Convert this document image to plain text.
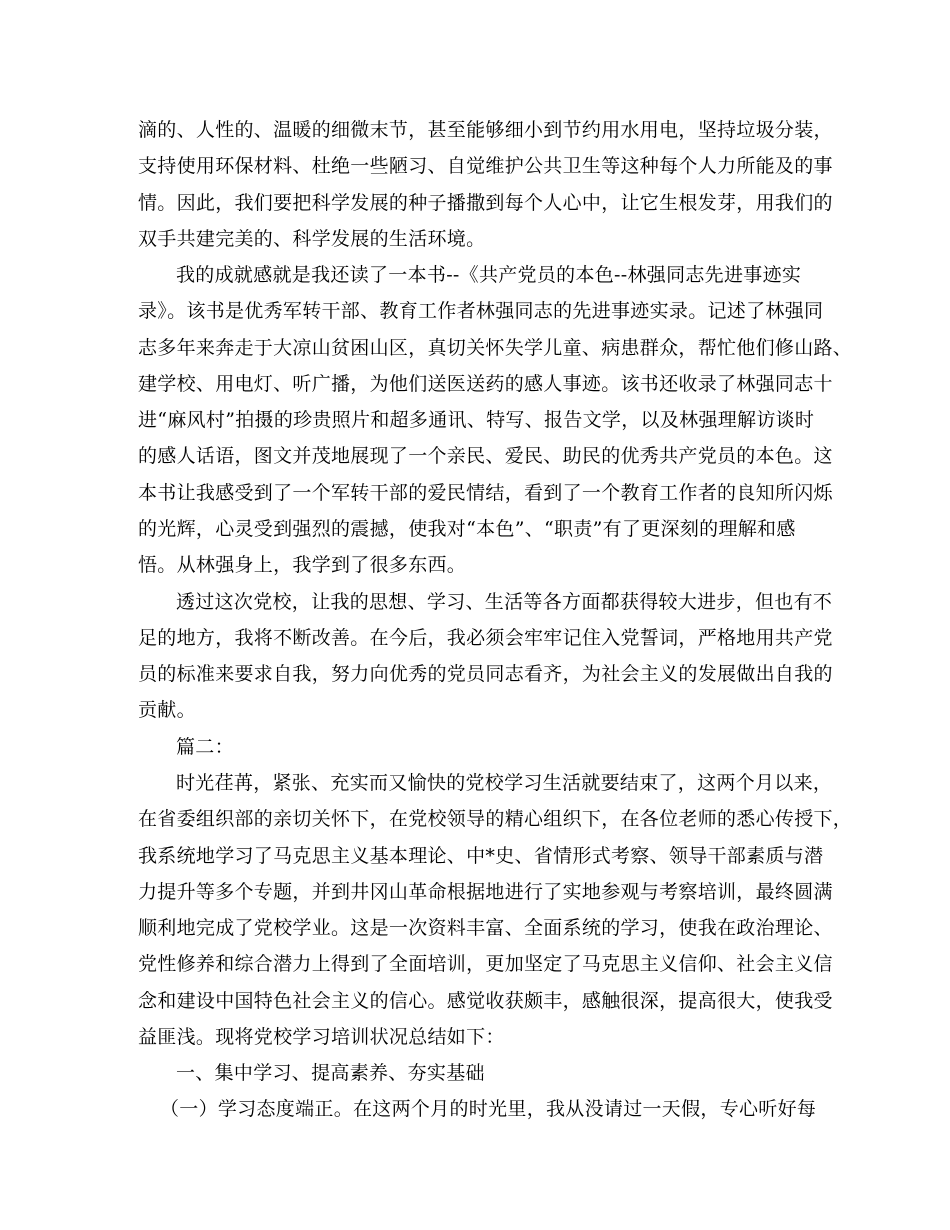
滴的、人性的、温暖的细微末节，甚至能够细小到节约用水用电，坚持垃圾分装，
支持使用环保材料、杜绝一些陋习、自觉维护公共卫生等这种每个人力所能及的事
情。因此，我们要把科学发展的种子播撒到每个人心中，让它生根发芽，用我们的
双手共建完美的、科学发展的生活环境。
我的成就感就是我还读了一本书--《共产党员的本色--林强同志先进事迹实
录》。该书是优秀军转干部、教育工作者林强同志的先进事迹实录。记述了林强同
志多年来奔走于大凉山贫困山区，真切关怀失学儿童、病患群众，帮忙他们修山路、
建学校、用电灯、听广播，为他们送医送药的感人事迹。该书还收录了林强同志十
进“麻风村”拍摄的珍贵照片和超多通讯、特写、报告文学，以及林强理解访谈时
的感人话语，图文并茂地展现了一个亲民、爱民、助民的优秀共产党员的本色。这
本书让我感受到了一个军转干部的爱民情结，看到了一个教育工作者的良知所闪烁
的光辉，心灵受到强烈的震撼，使我对“本色”、“职责”有了更深刻的理解和感
悟。从林强身上，我学到了很多东西。
透过这次党校，让我的思想、学习、生活等各方面都获得较大进步，但也有不
足的地方，我将不断改善。在今后，我必须会牢牢记住入党誓词，严格地用共产党
员的标准来要求自我，努力向优秀的党员同志看齐，为社会主义的发展做出自我的
贡献。
篇二：
时光荏苒，紧张、充实而又愉快的党校学习生活就要结束了，这两个月以来，
在省委组织部的亲切关怀下，在党校领导的精心组织下，在各位老师的悉心传授下，
我系统地学习了马克思主义基本理论、中*史、省情形式考察、领导干部素质与潜
力提升等多个专题，并到井冈山革命根据地进行了实地参观与考察培训，最终圆满
顺利地完成了党校学业。这是一次资料丰富、全面系统的学习，使我在政治理论、
党性修养和综合潜力上得到了全面培训，更加坚定了马克思主义信仰、社会主义信
念和建设中国特色社会主义的信心。感觉收获颇丰，感触很深，提高很大，使我受
益匪浅。现将党校学习培训状况总结如下：
一、集中学习、提高素养、夯实基础
（一）学习态度端正。在这两个月的时光里，我从没请过一天假，专心听好每
